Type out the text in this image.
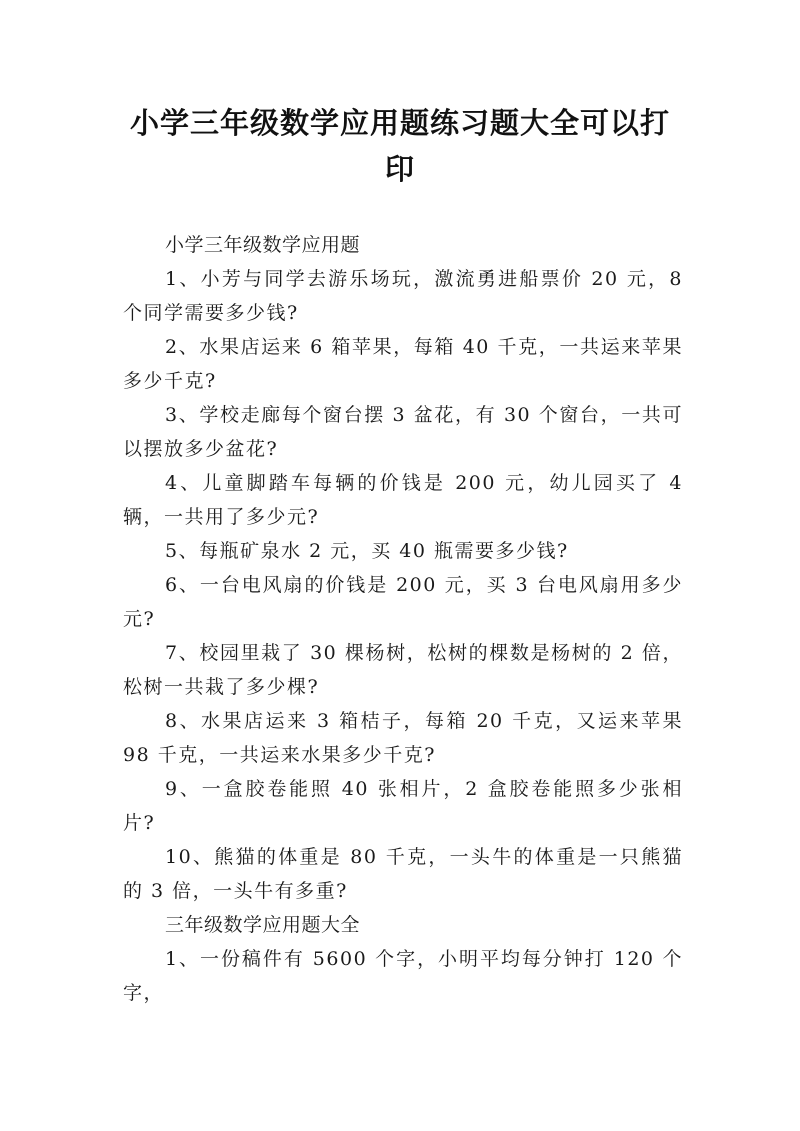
小学三年级数学应用题练习题大全可以打印

小学三年级数学应用题

1、小芳与同学去游乐场玩，激流勇进船票价 20 元，8 个同学需要多少钱?

2、水果店运来 6 箱苹果，每箱 40 千克，一共运来苹果多少千克?

3、学校走廊每个窗台摆 3 盆花，有 30 个窗台，一共可以摆放多少盆花?

4、儿童脚踏车每辆的价钱是 200 元，幼儿园买了 4 辆，一共用了多少元?

5、每瓶矿泉水 2 元，买 40 瓶需要多少钱?

6、一台电风扇的价钱是 200 元，买 3 台电风扇用多少元?

7、校园里栽了 30 棵杨树，松树的棵数是杨树的 2 倍，松树一共栽了多少棵?

8、水果店运来 3 箱桔子，每箱 20 千克，又运来苹果 98 千克，一共运来水果多少千克?

9、一盒胶卷能照 40 张相片，2 盒胶卷能照多少张相片?

10、熊猫的体重是 80 千克，一头牛的体重是一只熊猫的 3 倍，一头牛有多重?

三年级数学应用题大全

1、一份稿件有 5600 个字，小明平均每分钟打 120 个字，
